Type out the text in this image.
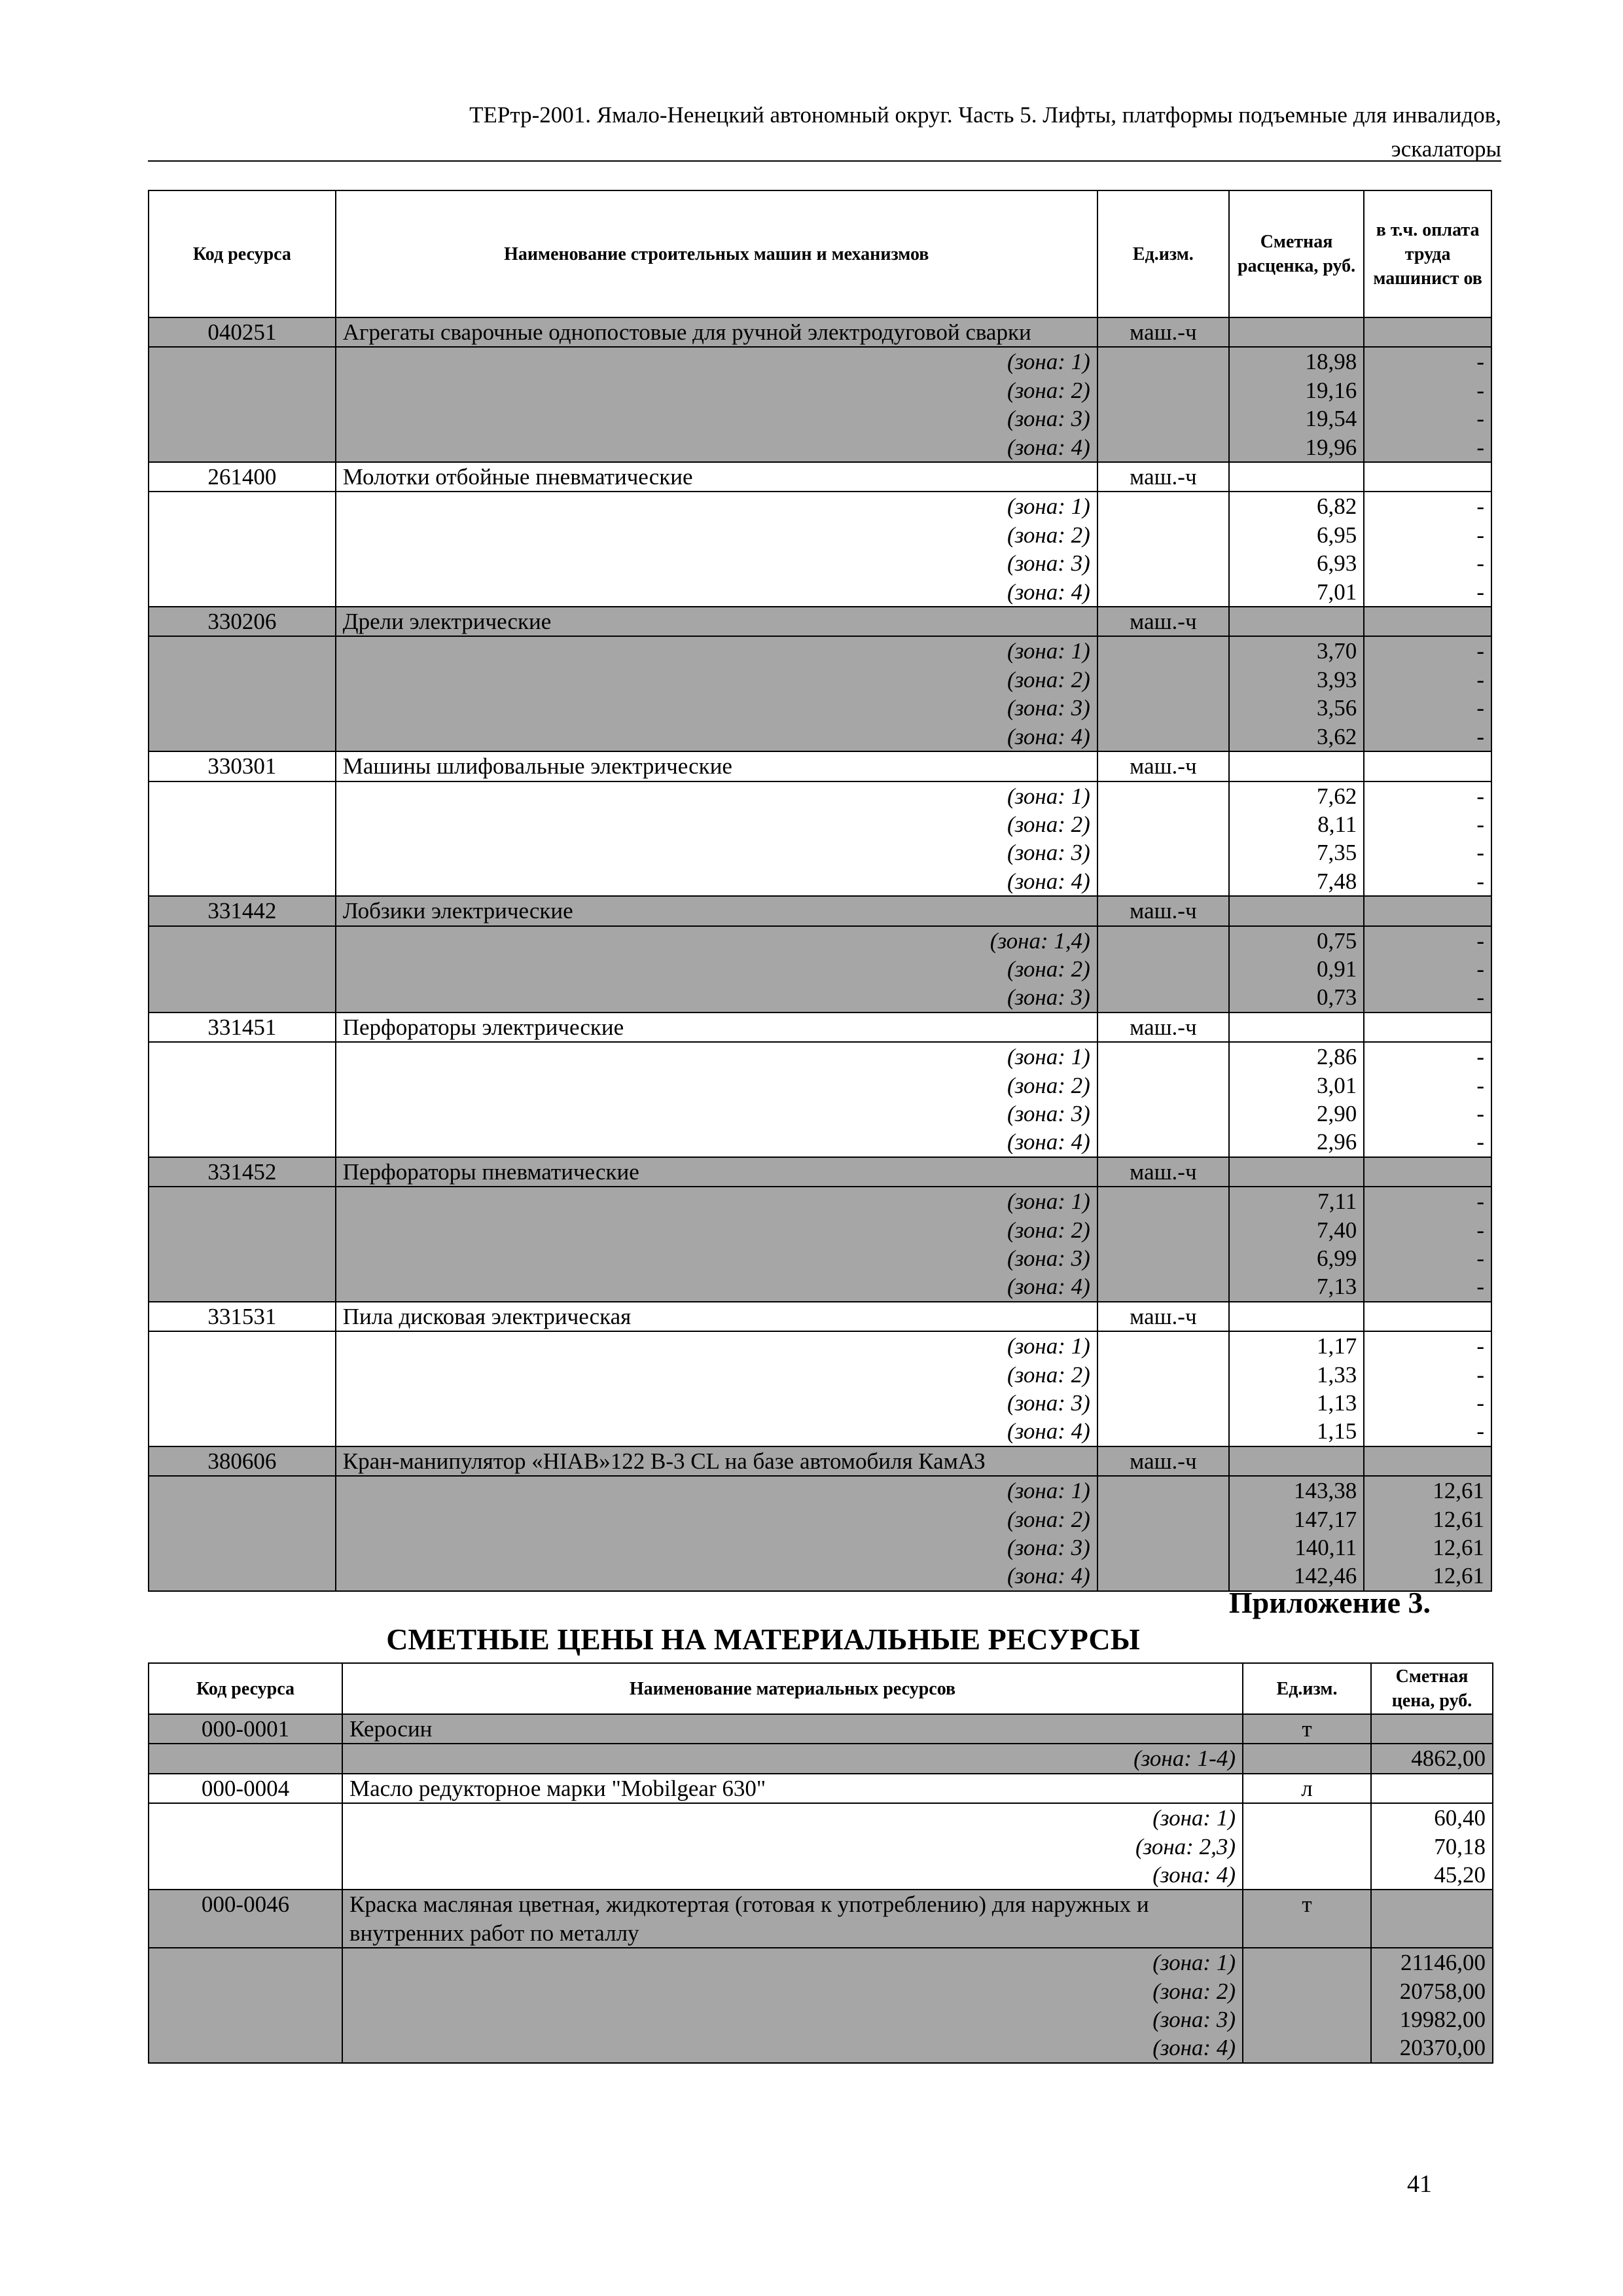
ТЕРтр-2001. Ямало-Ненецкий автономный округ. Часть 5. Лифты, платформы подъемные для инвалидов,
эскалаторы
Код ресурса	Наименование строительных машин и механизмов	Ед.изм.	Сметная расценка, руб.	в т.ч. оплата труда машинист ов
040251	Агрегаты сварочные однопостовые для ручной электродуговой сварки	маш.-ч		
	(зона: 1)		18,98	-
	(зона: 2)		19,16	-
	(зона: 3)		19,54	-
	(зона: 4)		19,96	-
261400	Молотки отбойные пневматические	маш.-ч		
	(зона: 1)		6,82	-
	(зона: 2)		6,95	-
	(зона: 3)		6,93	-
	(зона: 4)		7,01	-
330206	Дрели электрические	маш.-ч		
	(зона: 1)		3,70	-
	(зона: 2)		3,93	-
	(зона: 3)		3,56	-
	(зона: 4)		3,62	-
330301	Машины шлифовальные электрические	маш.-ч		
	(зона: 1)		7,62	-
	(зона: 2)		8,11	-
	(зона: 3)		7,35	-
	(зона: 4)		7,48	-
331442	Лобзики электрические	маш.-ч		
	(зона: 1,4)		0,75	-
	(зона: 2)		0,91	-
	(зона: 3)		0,73	-
331451	Перфораторы электрические	маш.-ч		
	(зона: 1)		2,86	-
	(зона: 2)		3,01	-
	(зона: 3)		2,90	-
	(зона: 4)		2,96	-
331452	Перфораторы пневматические	маш.-ч		
	(зона: 1)		7,11	-
	(зона: 2)		7,40	-
	(зона: 3)		6,99	-
	(зона: 4)		7,13	-
331531	Пила дисковая электрическая	маш.-ч		
	(зона: 1)		1,17	-
	(зона: 2)		1,33	-
	(зона: 3)		1,13	-
	(зона: 4)		1,15	-
380606	Кран-манипулятор «HIAB»122 B-3 CL на базе автомобиля КамАЗ	маш.-ч		
	(зона: 1)		143,38	12,61
	(зона: 2)		147,17	12,61
	(зона: 3)		140,11	12,61
	(зона: 4)		142,46	12,61
Приложение 3.
СМЕТНЫЕ ЦЕНЫ НА МАТЕРИАЛЬНЫЕ РЕСУРСЫ
Код ресурса	Наименование материальных ресурсов	Ед.изм.	Сметная цена, руб.
000-0001	Керосин	т	
	(зона: 1-4)		4862,00
000-0004	Масло редукторное марки "Mobilgear 630"	л	
	(зона: 1)		60,40
	(зона: 2,3)		70,18
	(зона: 4)		45,20
000-0046	Краска масляная цветная, жидкотертая (готовая к употреблению) для наружных и внутренних работ по металлу	т	
	(зона: 1)		21146,00
	(зона: 2)		20758,00
	(зона: 3)		19982,00
	(зона: 4)		20370,00
41
